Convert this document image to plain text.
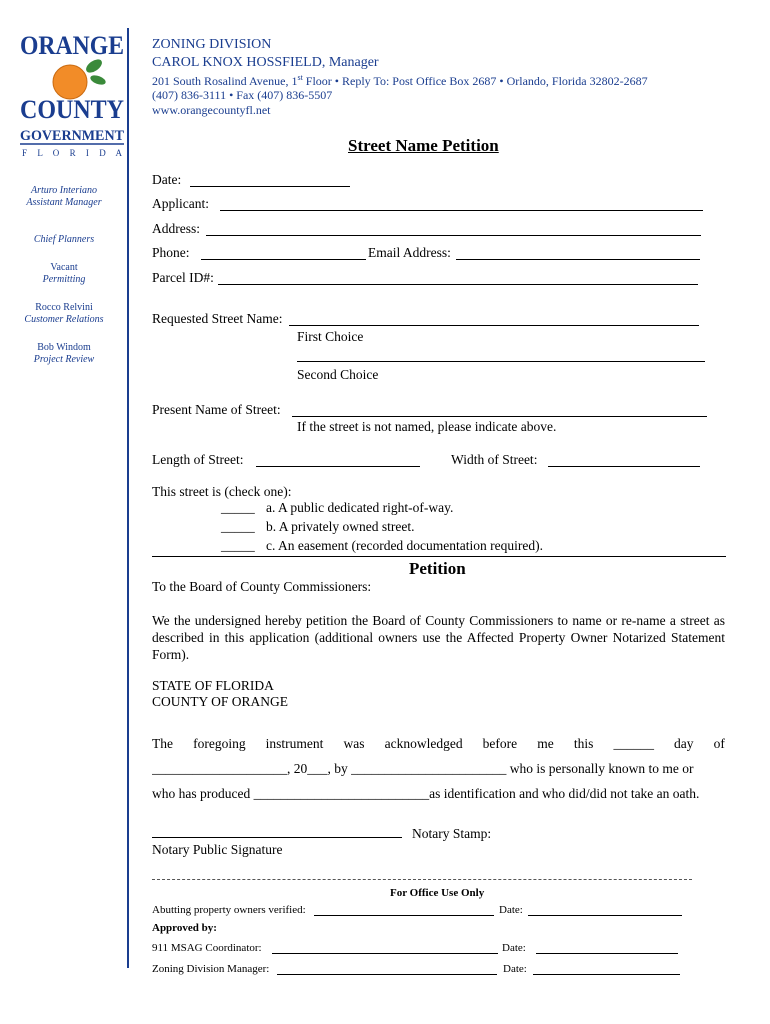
ORANGE
COUNTY
GOVERNMENT
F L O R I D A
Arturo Interiano
Assistant Manager
Chief Planners
Vacant
Permitting
Rocco Relvini
Customer Relations
Bob Windom
Project Review
ZONING DIVISION
CAROL KNOX HOSSFIELD, Manager
201 South Rosalind Avenue, 1st Floor • Reply To: Post Office Box 2687 • Orlando, Florida 32802-2687
(407) 836-3111 • Fax (407) 836-5507
www.orangecountyfl.net
Street Name Petition
Date:
Applicant:
Address:
Phone:	Email Address:
Parcel ID#:
Requested Street Name:
First Choice
Second Choice
Present Name of Street:
If the street is not named, please indicate above.
Length of Street:	Width of Street:
This street is (check one):
_____ a. A public dedicated right-of-way.
_____ b. A privately owned street.
_____ c. An easement (recorded documentation required).
Petition
To the Board of County Commissioners:
We the undersigned hereby petition the Board of County Commissioners to name or re-name a street as described in this application (additional owners use the Affected Property Owner Notarized Statement Form).
STATE OF FLORIDA
COUNTY OF ORANGE
The foregoing instrument was acknowledged before me this ______ day of
____________________, 20___, by _______________________ who is personally known to me or
who has produced __________________________as identification and who did/did not take an oath.
Notary Stamp:
Notary Public Signature
For Office Use Only
Abutting property owners verified:	Date:
Approved by:
911 MSAG Coordinator:	Date:
Zoning Division Manager:	Date:
